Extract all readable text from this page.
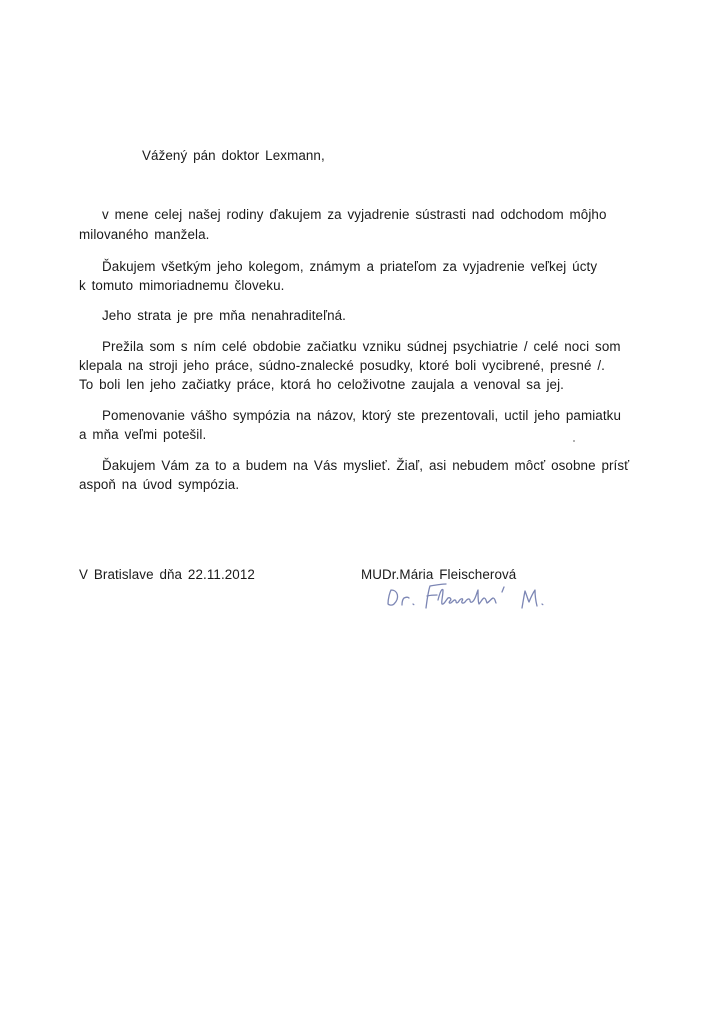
Vážený pán doktor Lexmann,
v mene celej našej rodiny ďakujem za vyjadrenie sústrasti nad odchodom môjho
milovaného manžela.
Ďakujem všetkým jeho kolegom, známym a priateľom za vyjadrenie veľkej úcty
k tomuto mimoriadnemu človeku.
Jeho strata je pre mňa nenahraditeľná.
Prežila som s ním celé obdobie začiatku vzniku súdnej psychiatrie / celé noci som
klepala na stroji jeho práce, súdno-znalecké posudky, ktoré boli vycibrené, presné /.
To boli len jeho začiatky práce, ktorá ho celoživotne zaujala a venoval sa jej.
Pomenovanie vášho sympózia na názov, ktorý ste prezentovali, uctil jeho pamiatku
a mňa veľmi potešil.
Ďakujem Vám za to a budem na Vás myslieť. Žiaľ, asi nebudem môcť osobne prísť
aspoň na úvod sympózia.
V Bratislave dňa 22.11.2012	MUDr.Mária Fleischerová
